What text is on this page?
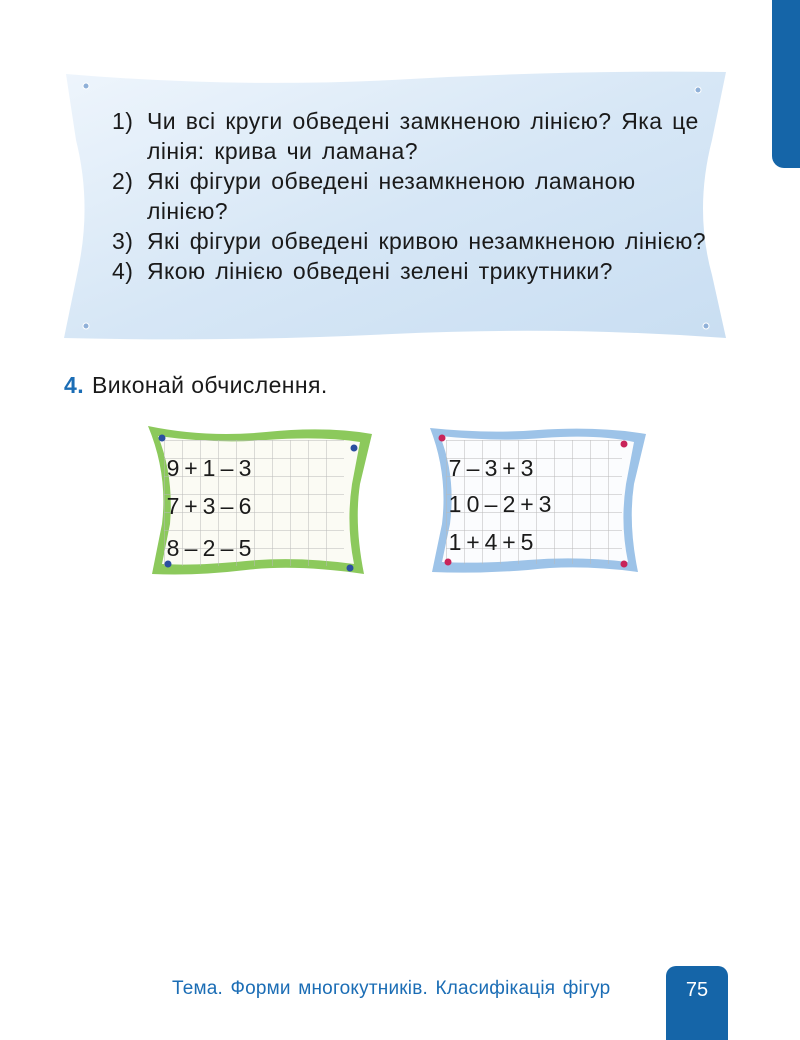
1) Чи всі круги обведені замкненою лінією? Яка це лінія: крива чи ламана?
2) Які фігури обведені незамкненою ламаною лінією?
3) Які фігури обведені кривою незамкненою лінією?
4) Якою лінією обведені зелені трикутники?
4. Виконай обчислення.
9 + 1 – 3
7 + 3 – 6
8 – 2 – 5
7 – 3 + 3
1 0 – 2 + 3
1 + 4 + 5
Тема. Форми многокутників. Класифікація фігур	75
